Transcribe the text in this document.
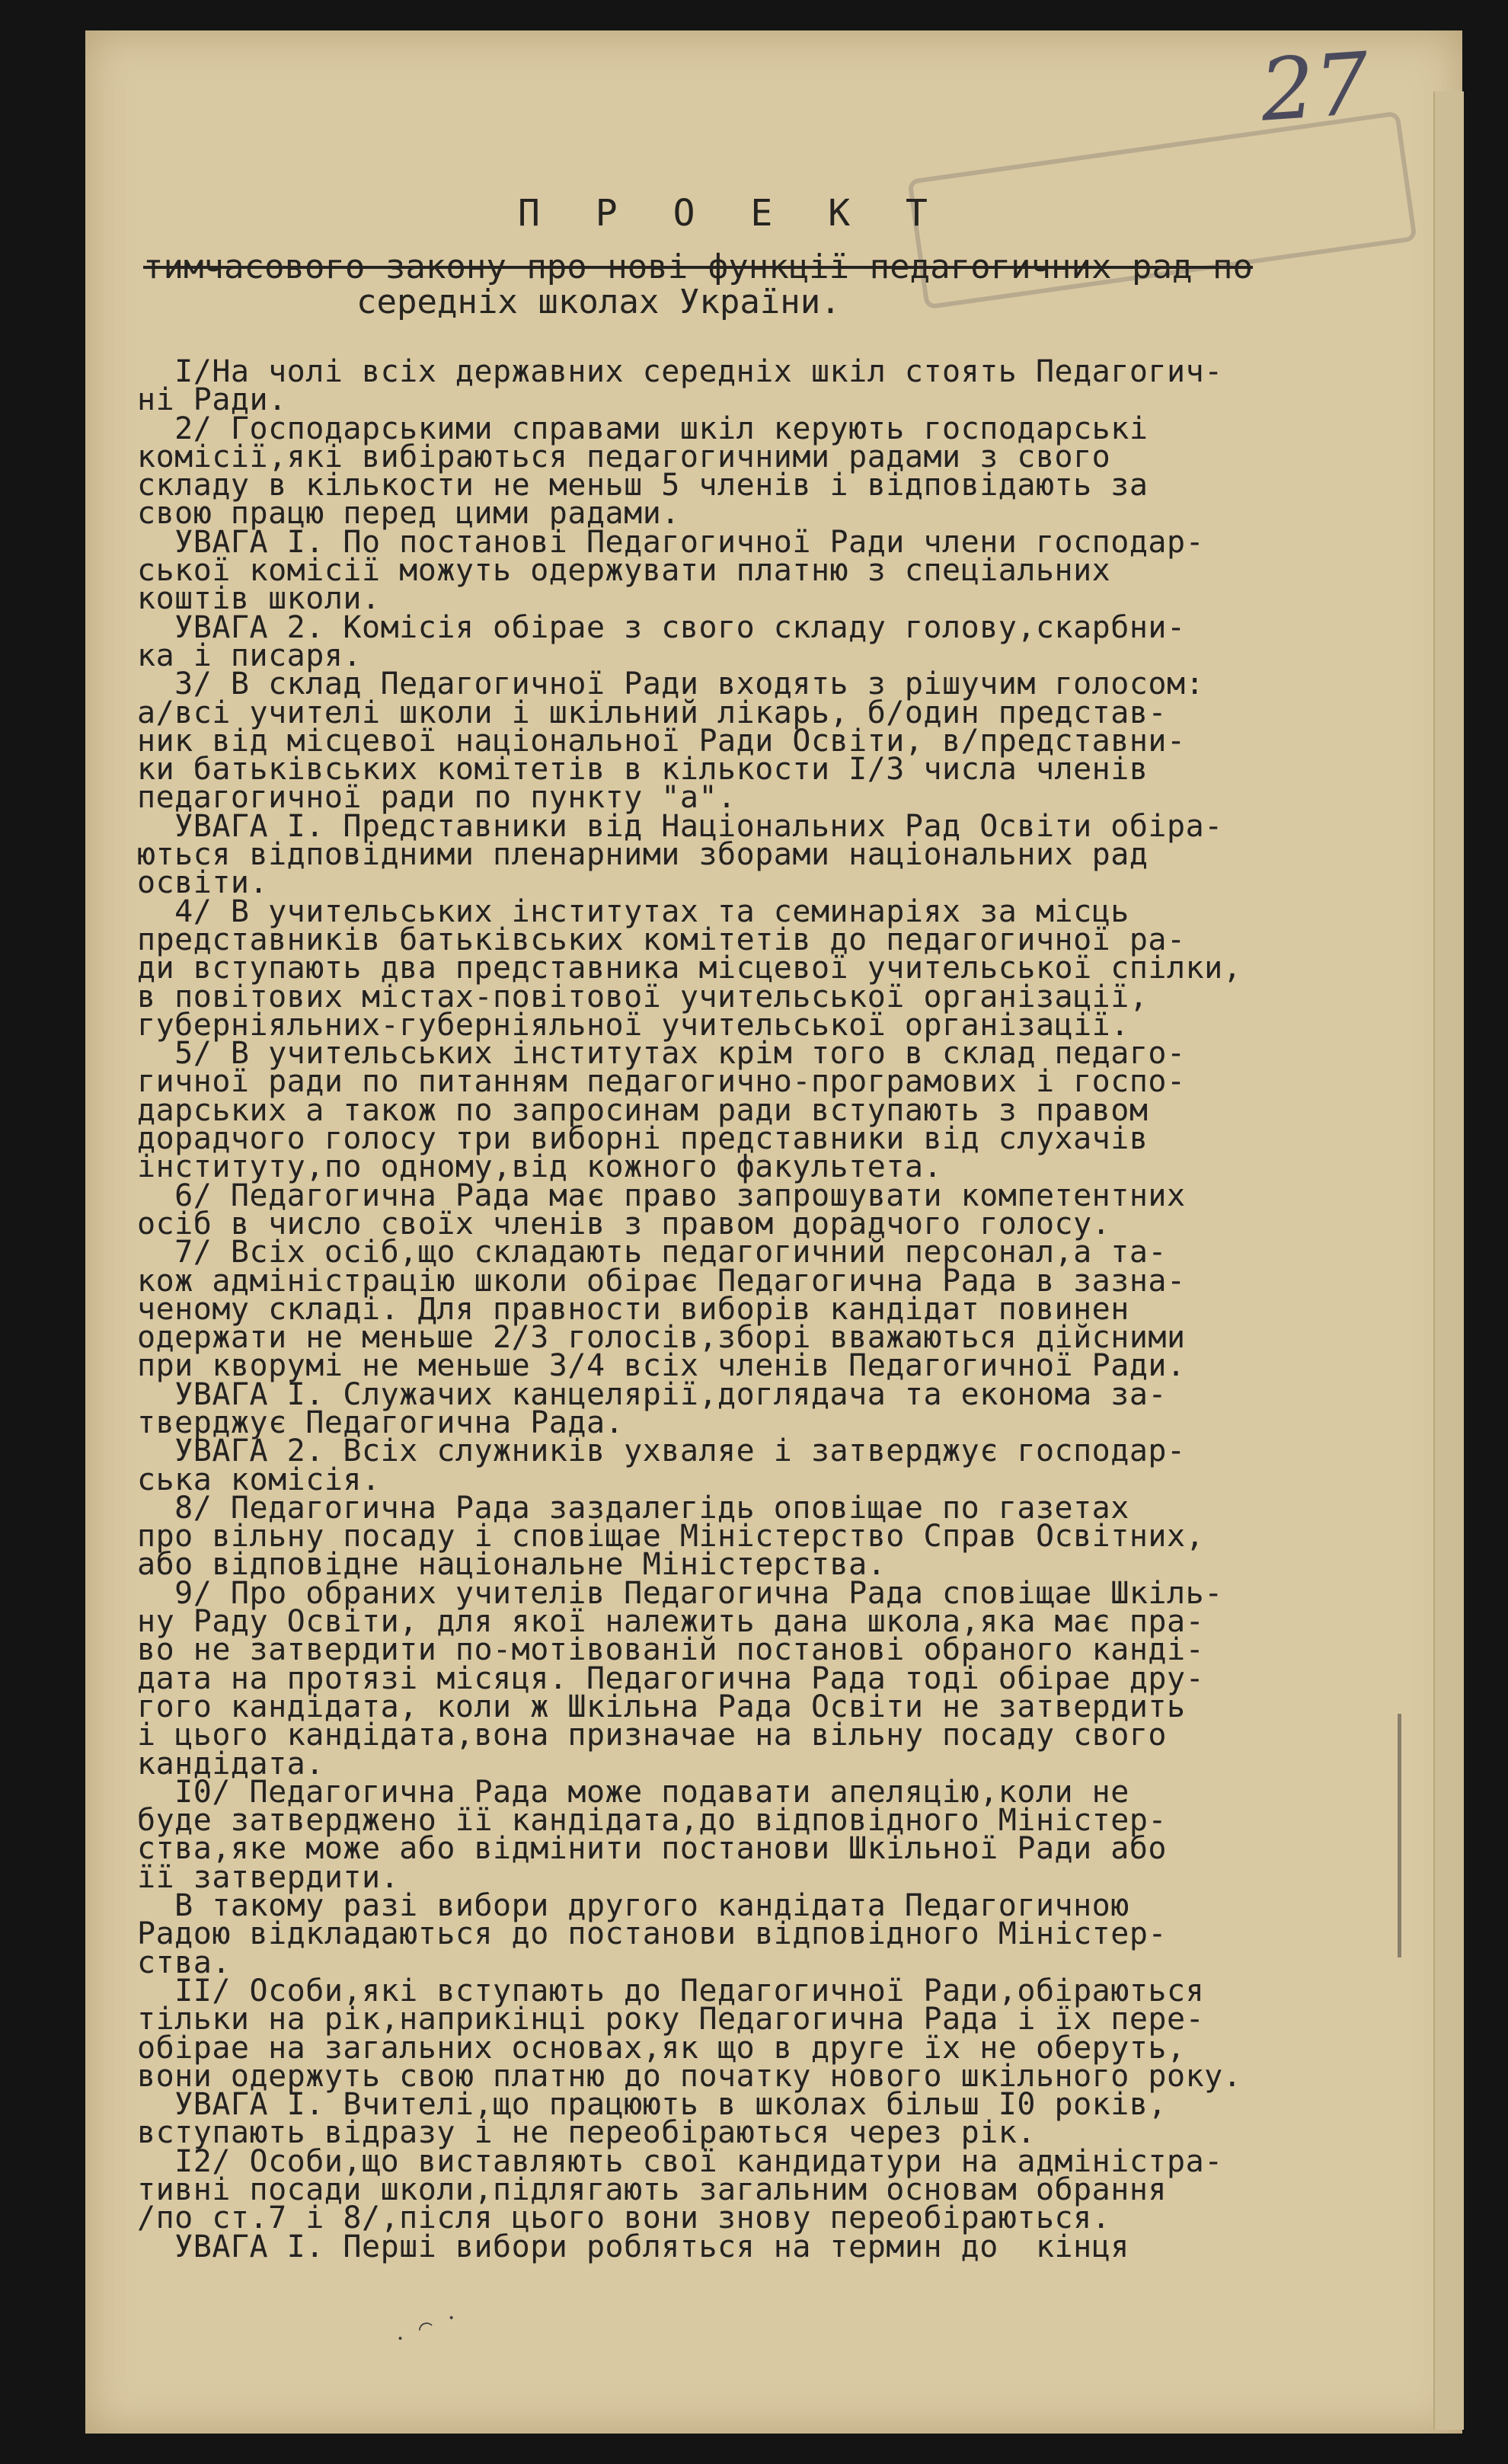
27
П Р О Е К Т
тимчасового закону про нові функції педагогичних рад по
середніх школах України.
I/На чолі всіх державних середніх шкіл стоять Педагогич-
ні Ради.
2/ Господарськими справами шкіл керують господарські
комісії,які вибіраються педагогичними радами з свого
складу в кількости не меньш 5 членів і відповідають за
свою працю перед цими радами.
УВАГА I. По постанові Педагогичної Ради члени господар-
ської комісії можуть одержувати платню з спеціальних
коштів школи.
УВАГА 2. Комісія обірае з свого складу голову,скарбни-
ка і писаря.
3/ В склад Педагогичної Ради входять з рішучим голосом:
а/всі учителі школи і шкільний лікарь, б/один представ-
ник від місцевої національної Ради Освіти, в/представни-
ки батьківських комітетів в кількости I/3 числа членів
педагогичної ради по пункту "а".
УВАГА I. Представники від Національних Рад Освіти обіра-
ються відповідними пленарними зборами національних рад
освіти.
4/ В учительських інститутах та семинаріях за місць
представників батьківських комітетів до педагогичної ра-
ди вступають два представника місцевої учительської спілки,
в повітових містах-повітової учительської організації,
губерніяльних-губерніяльної учительської організації.
5/ В учительських інститутах крім того в склад педаго-
гичної ради по питанням педагогично-програмових і госпо-
дарських а також по запросинам ради вступають з правом
дорадчого голосу три виборні представники від слухачів
інституту,по одному,від кожного факультета.
6/ Педагогична Рада має право запрошувати компетентних
осіб в число своїх членів з правом дорадчого голосу.
7/ Всіх осіб,що складають педагогичний персонал,а та-
кож адміністрацію школи обірає Педагогична Рада в зазна-
ченому складі. Для правности виборів кандідат повинен
одержати не меньше 2/3 голосів,зборі вважаються дійсними
при кворумі не меньше 3/4 всіх членів Педагогичної Ради.
УВАГА I. Служачих канцелярії,доглядача та економа за-
тверджує Педагогична Рада.
УВАГА 2. Всіх служників ухваляе і затверджує господар-
ська комісія.
8/ Педагогична Рада заздалегідь оповіщае по газетах
про вільну посаду і сповіщае Міністерство Справ Освітних,
або відповідне національне Міністерства.
9/ Про обраних учителів Педагогична Рада сповіщае Шкіль-
ну Раду Освіти, для якої належить дана школа,яка має пра-
во не затвердити по-мотівованій постанові обраного канді-
дата на протязі місяця. Педагогична Рада тоді обірае дру-
гого кандідата, коли ж Шкільна Рада Освіти не затвердить
і цього кандідата,вона призначае на вільну посаду свого
кандідата.
I0/ Педагогична Рада може подавати апеляцію,коли не
буде затверджено її кандідата,до відповідного Міністер-
ства,яке може або відмінити постанови Шкільної Ради або
її затвердити.
В такому разі вибори другого кандідата Педагогичною
Радою відкладаються до постанови відповідного Міністер-
ства.
II/ Особи,які вступають до Педагогичної Ради,обіраються
тільки на рік,наприкінці року Педагогична Рада і їх пере-
обірае на загальних основах,як що в друге їх не оберуть,
вони одержуть свою платню до початку нового шкільного року.
УВАГА I. Вчителі,що працюють в школах більш I0 років,
вступають відразу і не переобіраються через рік.
I2/ Особи,що виставляють свої кандидатури на адміністра-
тивні посади школи,підлягають загальним основам обрання
/по ст.7 і 8/,після цього вони знову переобіраються.
УВАГА I. Перші вибори робляться на термин до  кінця
ॱ ⁀ ॱ
